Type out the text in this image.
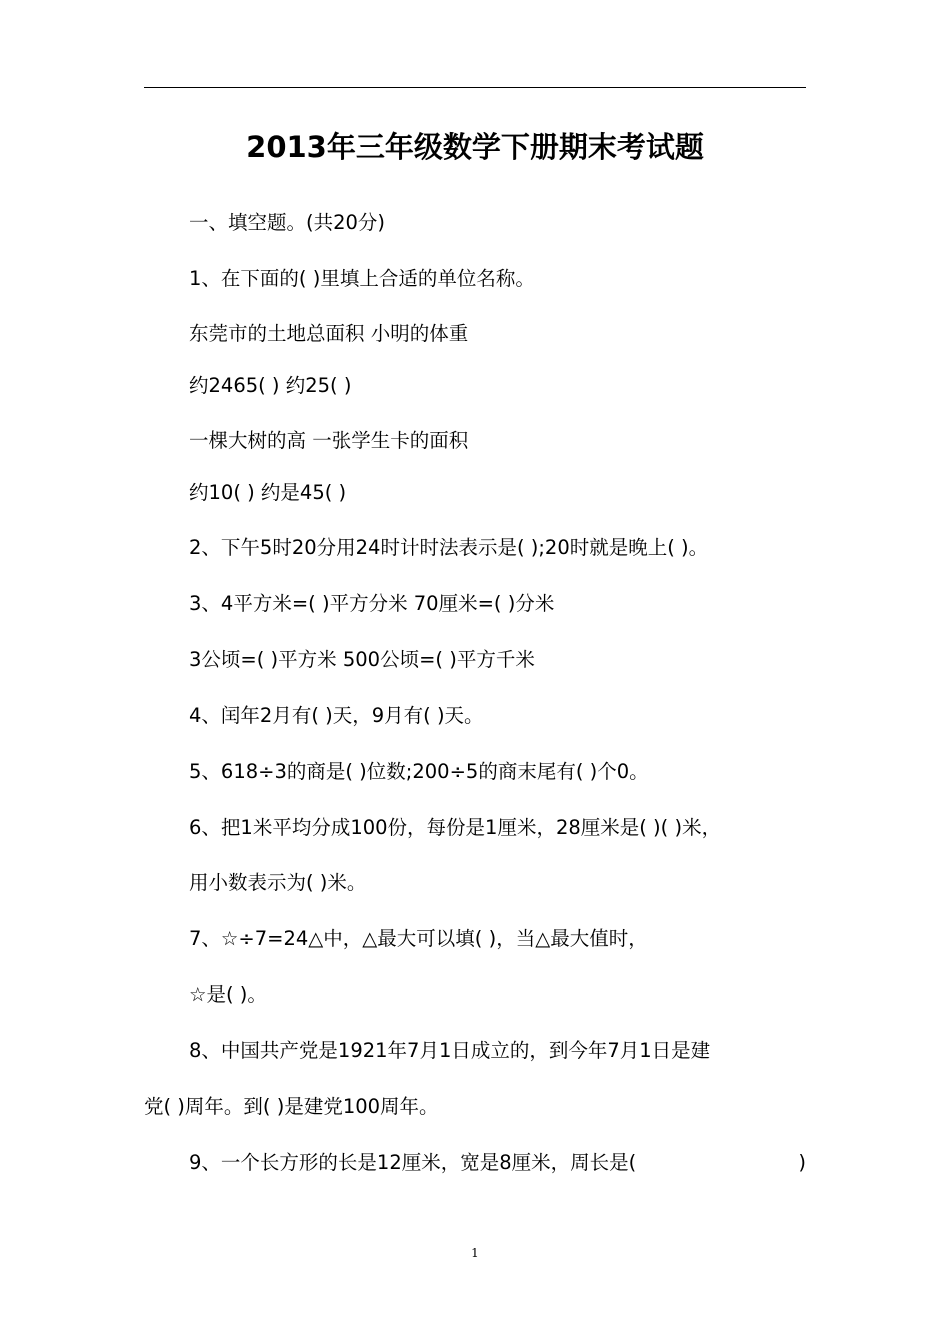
2013年三年级数学下册期末考试题
一、填空题。(共20分)
1、在下面的( )里填上合适的单位名称。
东莞市的土地总面积 小明的体重
约2465( ) 约25( )
一棵大树的高 一张学生卡的面积
约10( ) 约是45( )
2、下午5时20分用24时计时法表示是( );20时就是晚上( )。
3、4平方米=( )平方分米 70厘米=( )分米
3公顷=( )平方米 500公顷=( )平方千米
4、闰年2月有( )天，9月有( )天。
5、618÷3的商是( )位数;200÷5的商末尾有( )个0。
6、把1米平均分成100份，每份是1厘米，28厘米是( )( )米，
用小数表示为( )米。
7、☆÷7=24△中，△最大可以填( )，当△最大值时，
☆是( )。
8、中国共产党是1921年7月1日成立的，到今年7月1日是建
党( )周年。到( )是建党100周年。
9、一个长方形的长是12厘米，宽是8厘米，周长是(	)
1
